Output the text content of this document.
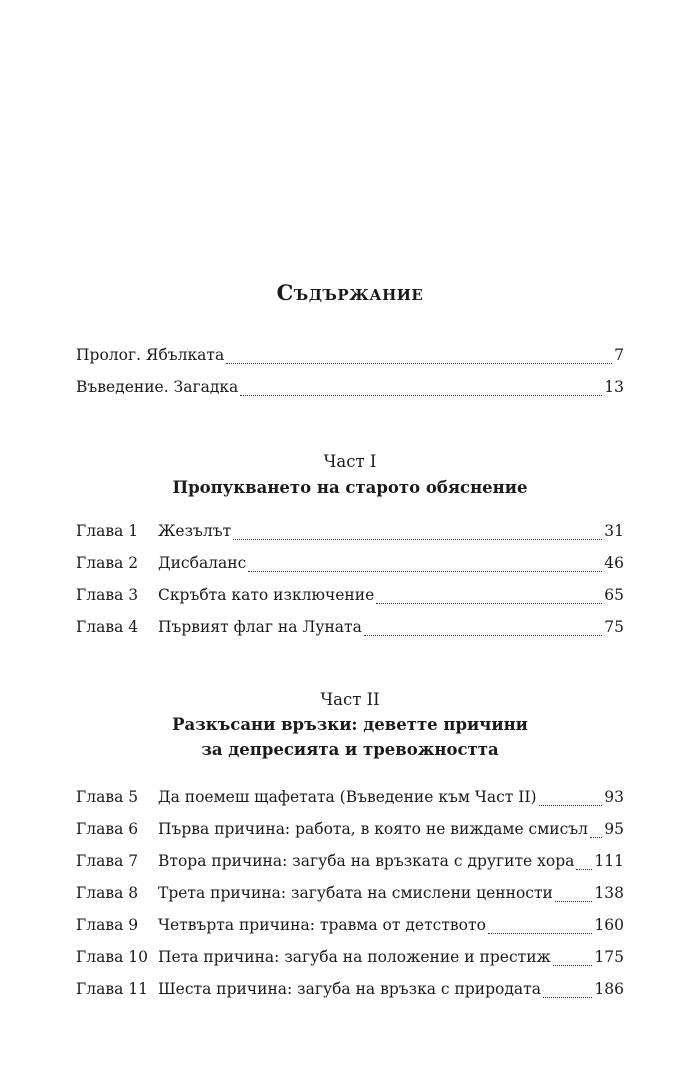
Съдържание
Пролог. Ябълката	7
Въведение. Загадка	13
Част I
Пропукването на старото обяснение
Глава 1	Жезълът	31
Глава 2	Дисбаланс	46
Глава 3	Скръбта като изключение	65
Глава 4	Първият флаг на Луната	75
Част II
Разкъсани връзки: деветте причини
за депресията и тревожността
Глава 5	Да поемеш щафетата (Въведение към Част II)	93
Глава 6	Първа причина: работа, в която не виждаме смисъл 95
Глава 7	Втора причина: загуба на връзката с другите хора 111
Глава 8	Трета причина: загубата на смислени ценности	138
Глава 9	Четвърта причина: травма от детството	160
Глава 10 Пета причина: загуба на положение и престиж	175
Глава 11 Шеста причина: загуба на връзка с природата	186
